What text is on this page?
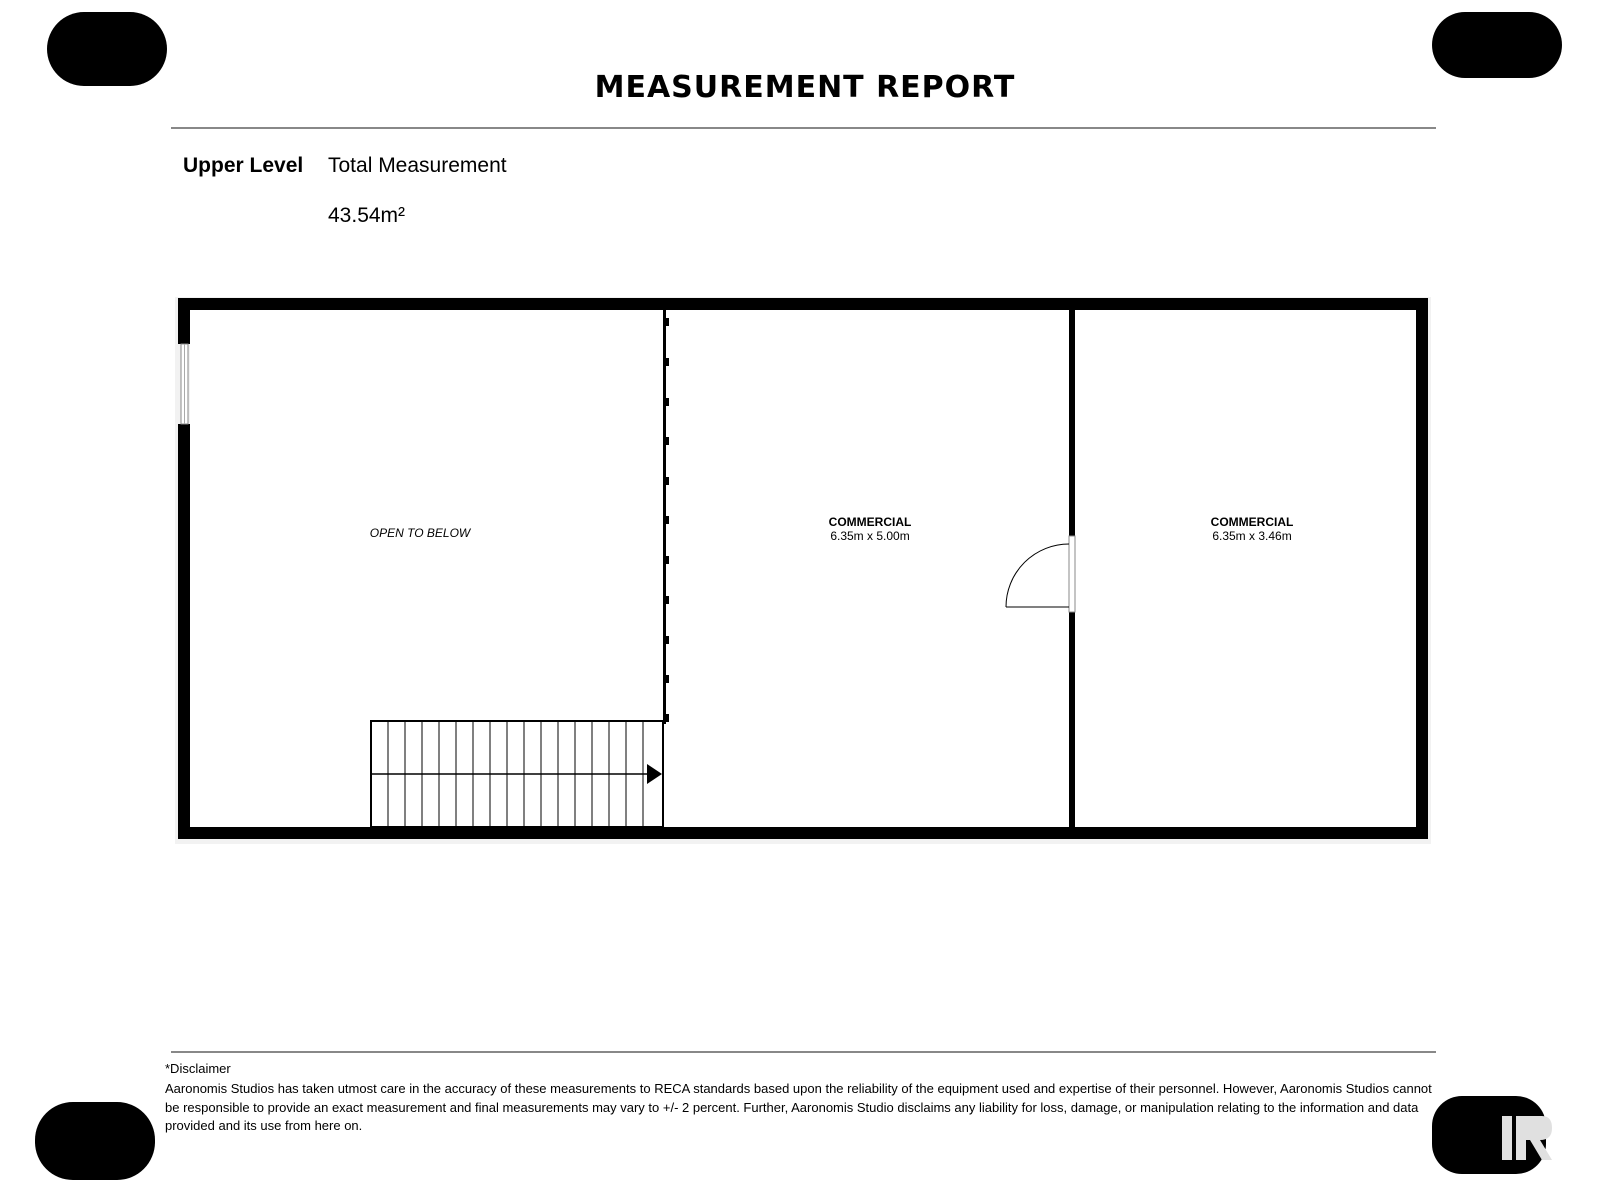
MEASUREMENT REPORT
Upper Level Total Measurement
43.54m²
OPEN TO BELOW
COMMERCIAL
6.35m x 5.00m
COMMERCIAL
6.35m x 3.46m
*Disclaimer
Aaronomis Studios has taken utmost care in the accuracy of these measurements to RECA standards based upon the reliability of the equipment used and expertise of their personnel. However, Aaronomis Studios cannot be responsible to provide an exact measurement and final measurements may vary to +/- 2 percent. Further, Aaronomis Studio disclaims any liability for loss, damage, or manipulation relating to the information and data provided and its use from here on.
